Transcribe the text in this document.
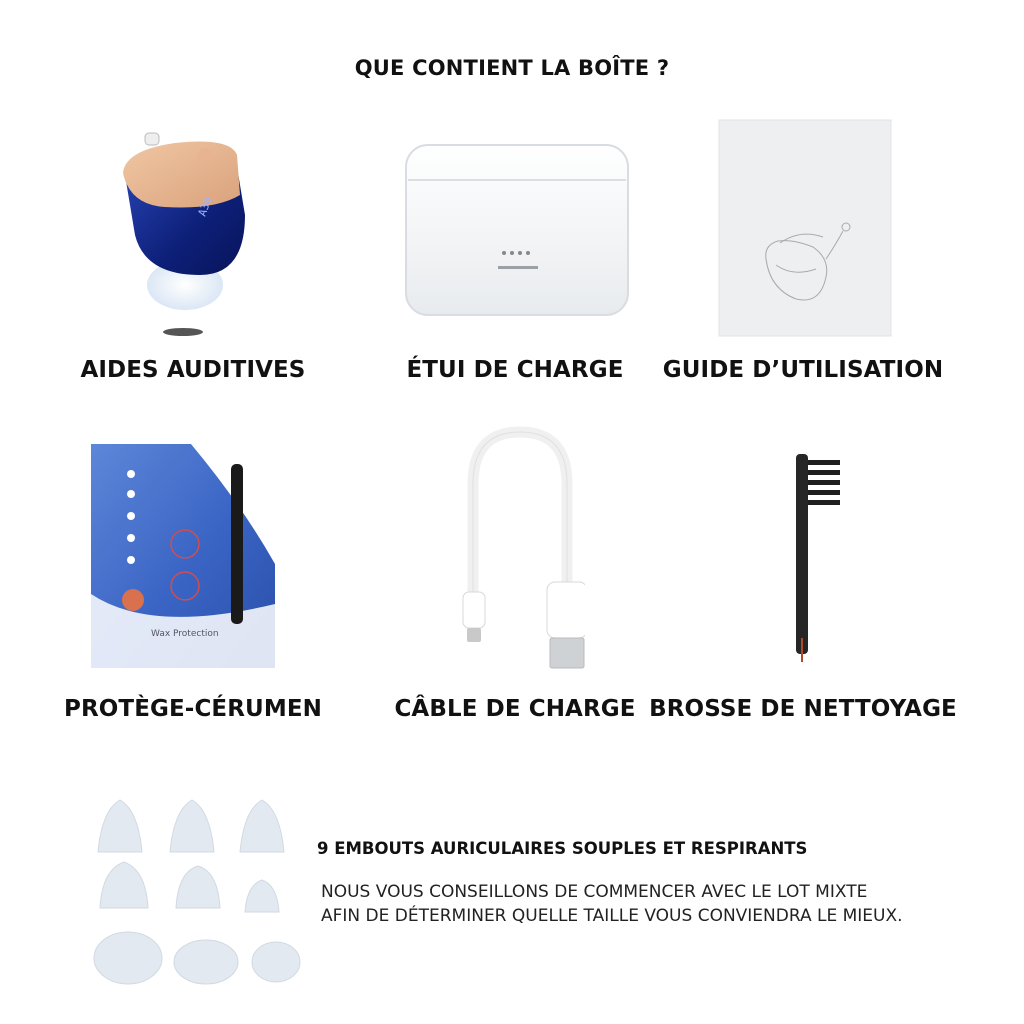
QUE CONTIENT LA BOÎTE ?
A30
AIDES AUDITIVES	ÉTUI DE CHARGE	GUIDE D’UTILISATION
Wax Protection
PROTÈGE-CÉRUMEN	CÂBLE DE CHARGE BROSSE DE NETTOYAGE
9 EMBOUTS AURICULAIRES SOUPLES ET RESPIRANTS
NOUS VOUS CONSEILLONS DE COMMENCER AVEC LE LOT MIXTE
AFIN DE DÉTERMINER QUELLE TAILLE VOUS CONVIENDRA LE MIEUX.
